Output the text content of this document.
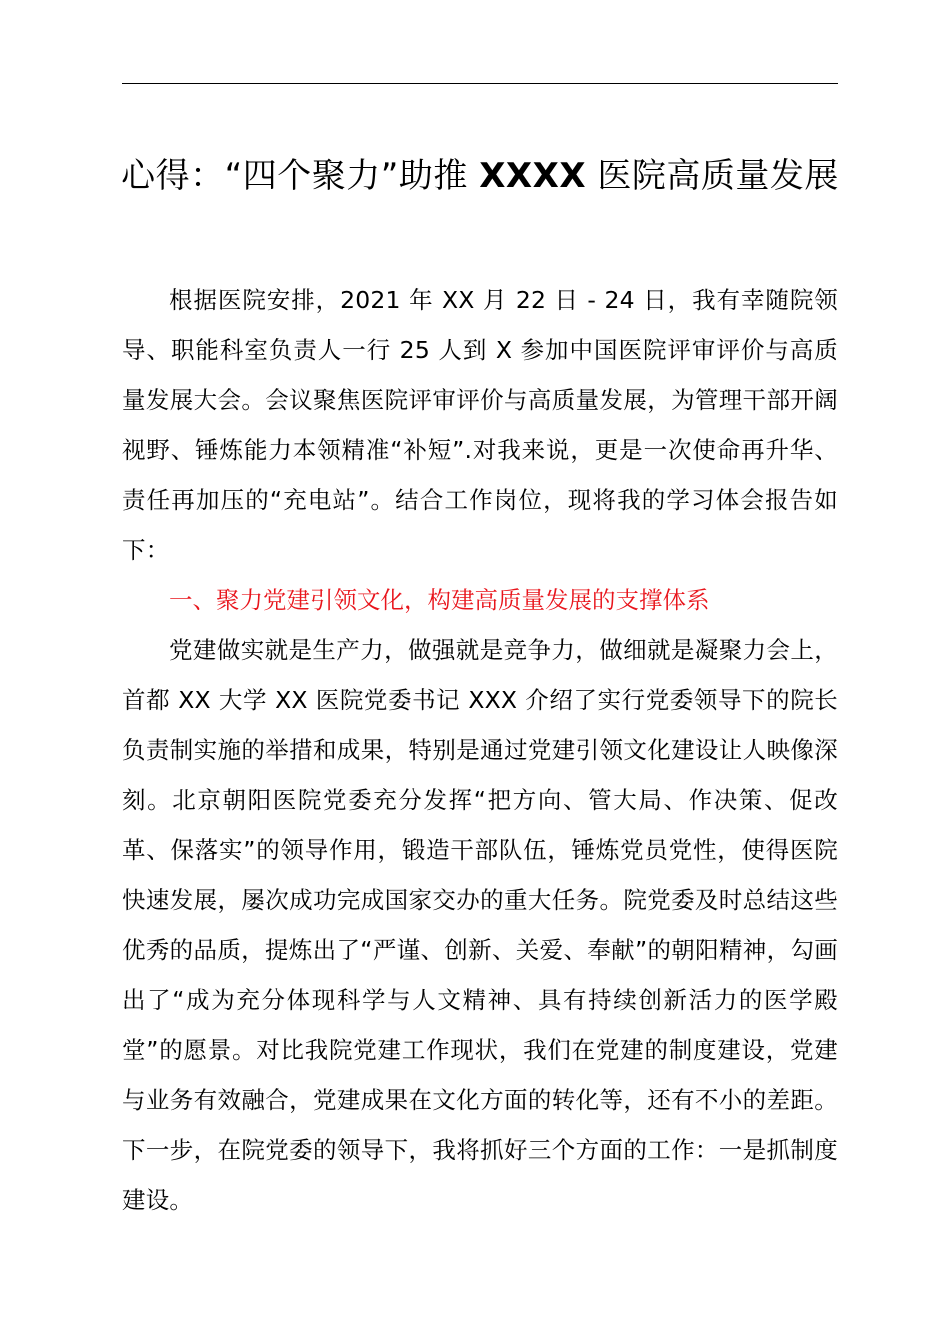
心得：“四个聚力”助推 XXXX 医院高质量发展

根据医院安排，2021 年 XX 月 22 日 - 24 日，我有幸随院领导、职能科室负责人一行 25 人到 X 参加中国医院评审评价与高质量发展大会。会议聚焦医院评审评价与高质量发展，为管理干部开阔视野、锤炼能力本领精准“补短”.对我来说，更是一次使命再升华、责任再加压的“充电站”。结合工作岗位，现将我的学习体会报告如下：

一、聚力党建引领文化，构建高质量发展的支撑体系

党建做实就是生产力，做强就是竞争力，做细就是凝聚力会上，首都 XX 大学 XX 医院党委书记 XXX 介绍了实行党委领导下的院长负责制实施的举措和成果，特别是通过党建引领文化建设让人映像深刻。北京朝阳医院党委充分发挥“把方向、管大局、作决策、促改革、保落实”的领导作用，锻造干部队伍，锤炼党员党性，使得医院快速发展，屡次成功完成国家交办的重大任务。院党委及时总结这些优秀的品质，提炼出了“严谨、创新、关爱、奉献”的朝阳精神，勾画出了“成为充分体现科学与人文精神、具有持续创新活力的医学殿堂”的愿景。对比我院党建工作现状，我们在党建的制度建设，党建与业务有效融合，党建成果在文化方面的转化等，还有不小的差距。下一步，在院党委的领导下，我将抓好三个方面的工作：一是抓制度建设。
